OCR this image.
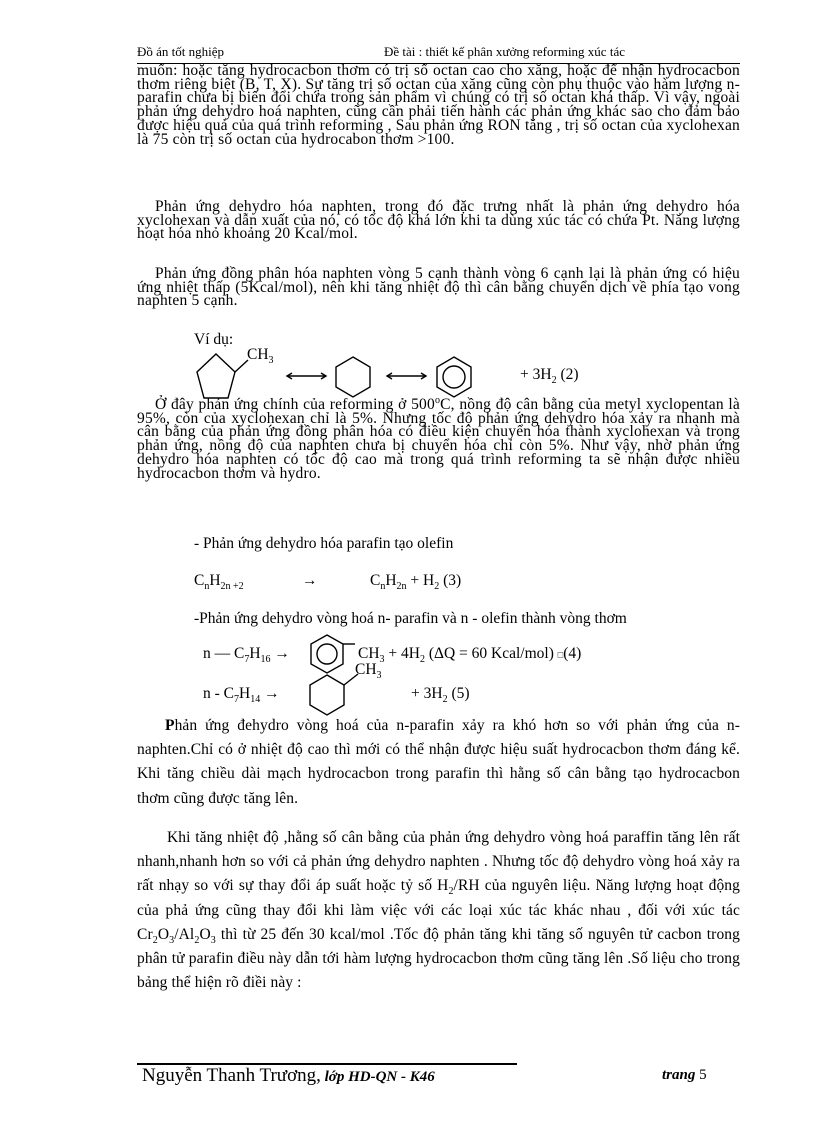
Đồ án tốt nghiệp	Đề tài : thiết kế phân xưởng reforming xúc tác

muốn: hoặc tăng hydrocacbon thơm có trị số octan cao cho xăng, hoặc để nhận hydrocacbon thơm riêng biệt (B, T, X). Sự tăng trị số octan của xăng cũng còn phụ thuộc vào hàm lượng n-parafin chưa bị biến đổi chứa trong sản phẩm vì chúng có trị số octan khá thấp. Vì vậy, ngoài phản ứng dehydro hoá naphten, cũng cần phải tiến hành các phản ứng khác sao cho đảm bảo được hiệu quả của quá trình reforming , Sau phản ứng RON tăng , trị số octan của xyclohexan là 75 còn trị số octan của hydrocabon thơm >100.

Phản ứng dehydro hóa naphten, trong đó đặc trưng nhất là phản ứng dehydro hóa xyclohexan và dẫn xuất của nó, có tốc độ khá lớn khi ta dùng xúc tác có chứa Pt. Năng lượng hoạt hóa nhỏ khoảng 20 Kcal/mol.

Phản ứng đồng phân hóa naphten vòng 5 cạnh thành vòng 6 cạnh lại là phản ứng có hiệu ứng nhiệt thấp (5Kcal/mol), nên khi tăng nhiệt độ thì cân bằng chuyển dịch về phía tạo vong naphten 5 cạnh.

Ví dụ:
$CH_3$
+ $3H_2$ (2)

Ở đây phản ứng chính của reforming ở 500$^o$C, nồng độ cân bằng của metyl xyclopentan là 95%, còn của xyclohexan chỉ là 5%. Nhưng tốc độ phản ứng dehydro hóa xảy ra nhanh mà cân bằng của phản ứng đồng phân hóa có điều kiện chuyển hóa thành xyclohexan và trong phản ứng, nồng độ của naphten chưa bị chuyển hóa chỉ còn 5%. Như vậy, nhờ phản ứng dehydro hóa naphten có tốc độ cao mà trong quá trình reforming ta sẽ nhận được nhiều hydrocacbon thơm và hydro.

- Phản ứng dehydro hóa parafin tạo olefin
$C_nH_{2n +2}$	→	$C_nH_{2n} + H_2$ (3)
-Phản ứng dehydro vòng hoá n- parafin và n - olefin thành vòng thơm
n — $C_7H_{16}$ →	$CH_3 + 4H_2$ (ΔQ = 60 Kcal/mol) □(4)
$CH_3$
n - $C_7H_{14}$ →	+ $3H_2$ (5)

Phản ứng đehydro vòng hoá của n-parafin xảy ra khó hơn so với phản ứng của n-naphten.Chỉ có ở nhiệt độ cao thì mới có thể nhận được hiệu suất hydrocacbon thơm đáng kể. Khi tăng chiều dài mạch hydrocacbon trong parafin thì hằng số cân bằng tạo hydrocacbon thơm cũng được tăng lên.

Khi tăng nhiệt độ ,hằng số cân bằng của phản ứng dehydro vòng hoá paraffin tăng lên rất nhanh,nhanh hơn so với cả phản ứng dehydro naphten . Nhưng tốc độ dehydro vòng hoá xảy ra rất nhạy so với sự thay đổi áp suất hoặc tỷ số $H_2/RH$ của nguyên liệu. Năng lượng hoạt động của phả ứng cũng thay đổi khi làm việc với các loại xúc tác khác nhau , đối với xúc tác $Cr_2O_3/Al_2O_3$ thì từ 25 đến 30 kcal/mol .Tốc độ phản tăng khi tăng số nguyên tử cacbon trong phân tử parafin điều này dẫn tới hàm lượng hydrocacbon thơm cũng tăng lên .Số liệu cho trong bảng thể hiện rõ điềi này :

Nguyễn Thanh Trương, lớp HD-QN - K46	trang 5
